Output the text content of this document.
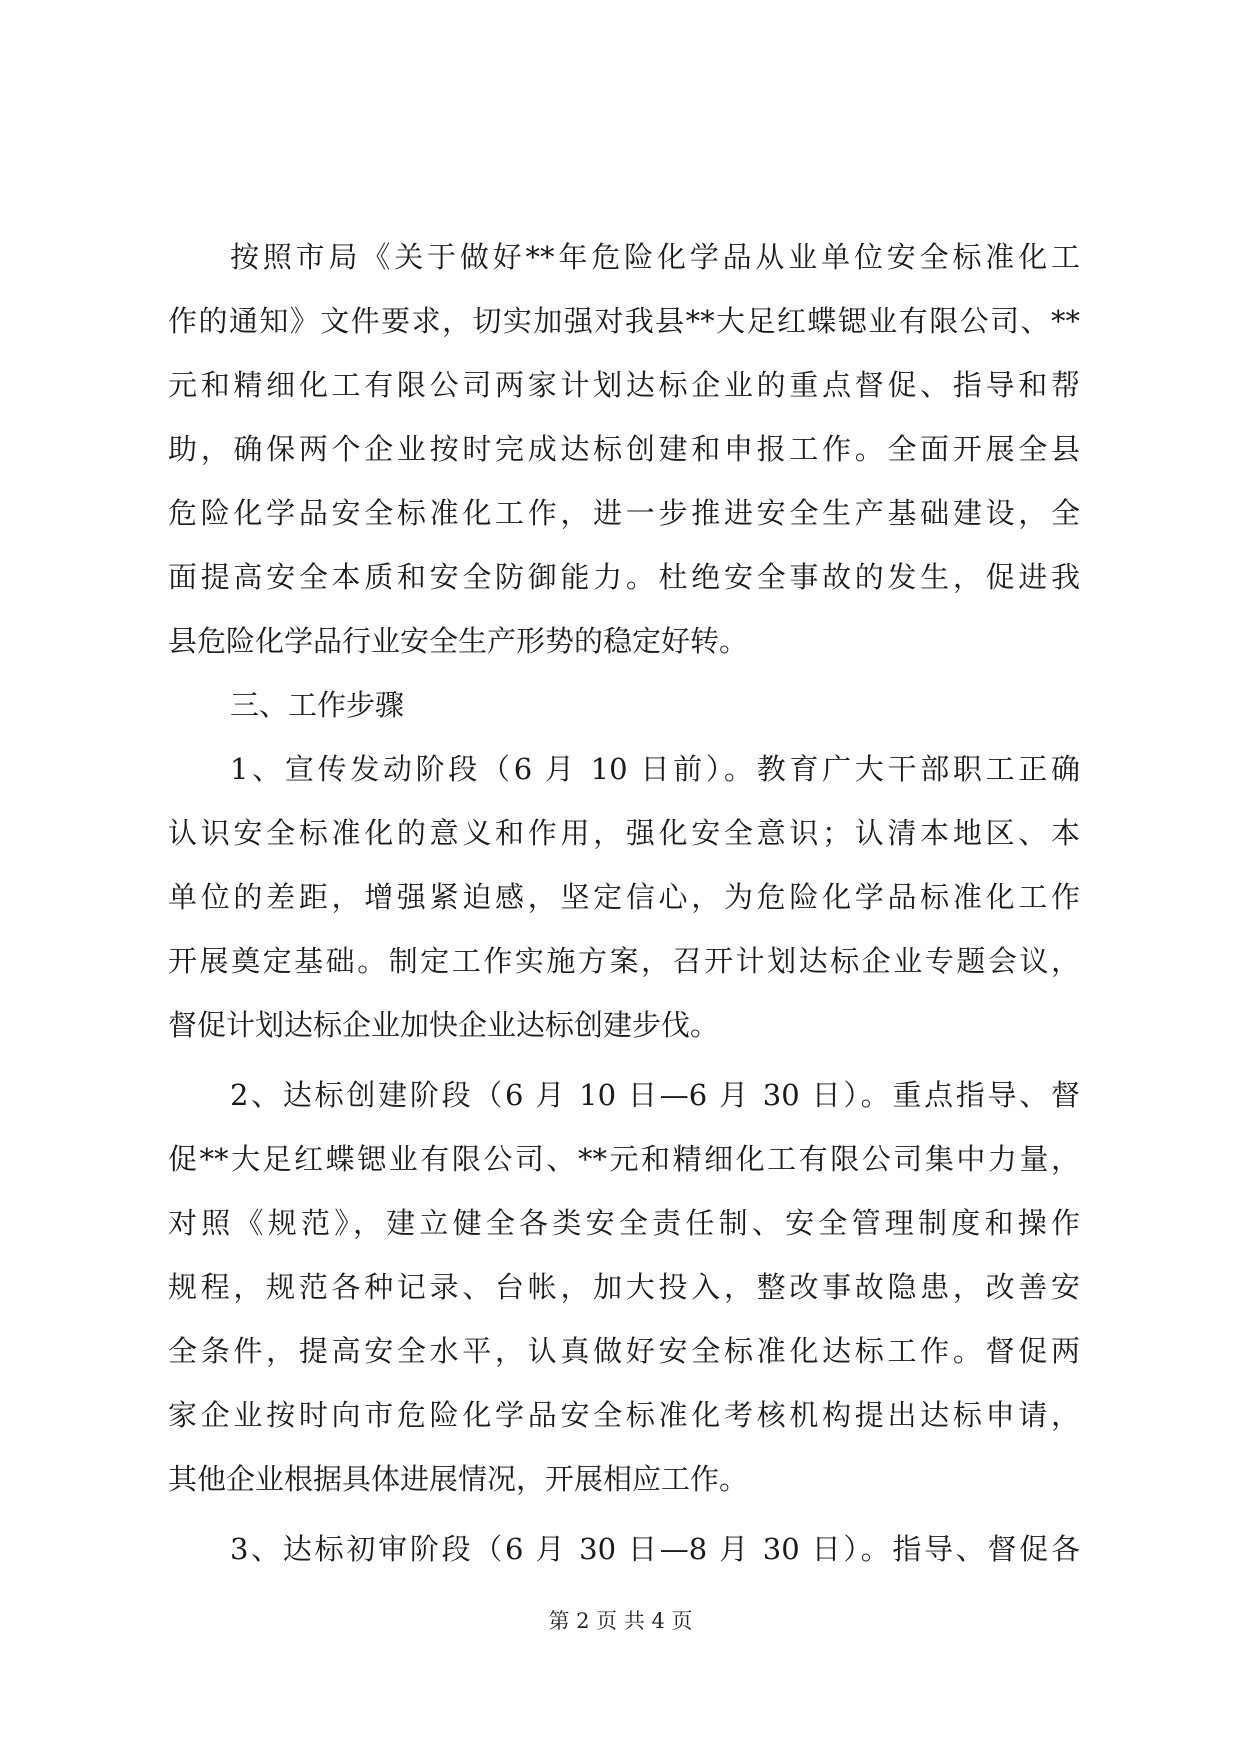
按照市局《关于做好**年危险化学品从业单位安全标准化工
作的通知》文件要求，切实加强对我县**大足红蝶锶业有限公司、**
元和精细化工有限公司两家计划达标企业的重点督促、指导和帮
助，确保两个企业按时完成达标创建和申报工作。全面开展全县
危险化学品安全标准化工作，进一步推进安全生产基础建设，全
面提高安全本质和安全防御能力。杜绝安全事故的发生，促进我
县危险化学品行业安全生产形势的稳定好转。
三、工作步骤
1、宣传发动阶段（6 月 10 日前）。教育广大干部职工正确
认识安全标准化的意义和作用，强化安全意识；认清本地区、本
单位的差距，增强紧迫感，坚定信心，为危险化学品标准化工作
开展奠定基础。制定工作实施方案，召开计划达标企业专题会议，
督促计划达标企业加快企业达标创建步伐。
2、达标创建阶段（6 月 10 日—6 月 30 日）。重点指导、督
促**大足红蝶锶业有限公司、**元和精细化工有限公司集中力量，
对照《规范》，建立健全各类安全责任制、安全管理制度和操作
规程，规范各种记录、台帐，加大投入，整改事故隐患，改善安
全条件，提高安全水平，认真做好安全标准化达标工作。督促两
家企业按时向市危险化学品安全标准化考核机构提出达标申请，
其他企业根据具体进展情况，开展相应工作。
3、达标初审阶段（6 月 30 日—8 月 30 日）。指导、督促各
第 2 页 共 4 页
